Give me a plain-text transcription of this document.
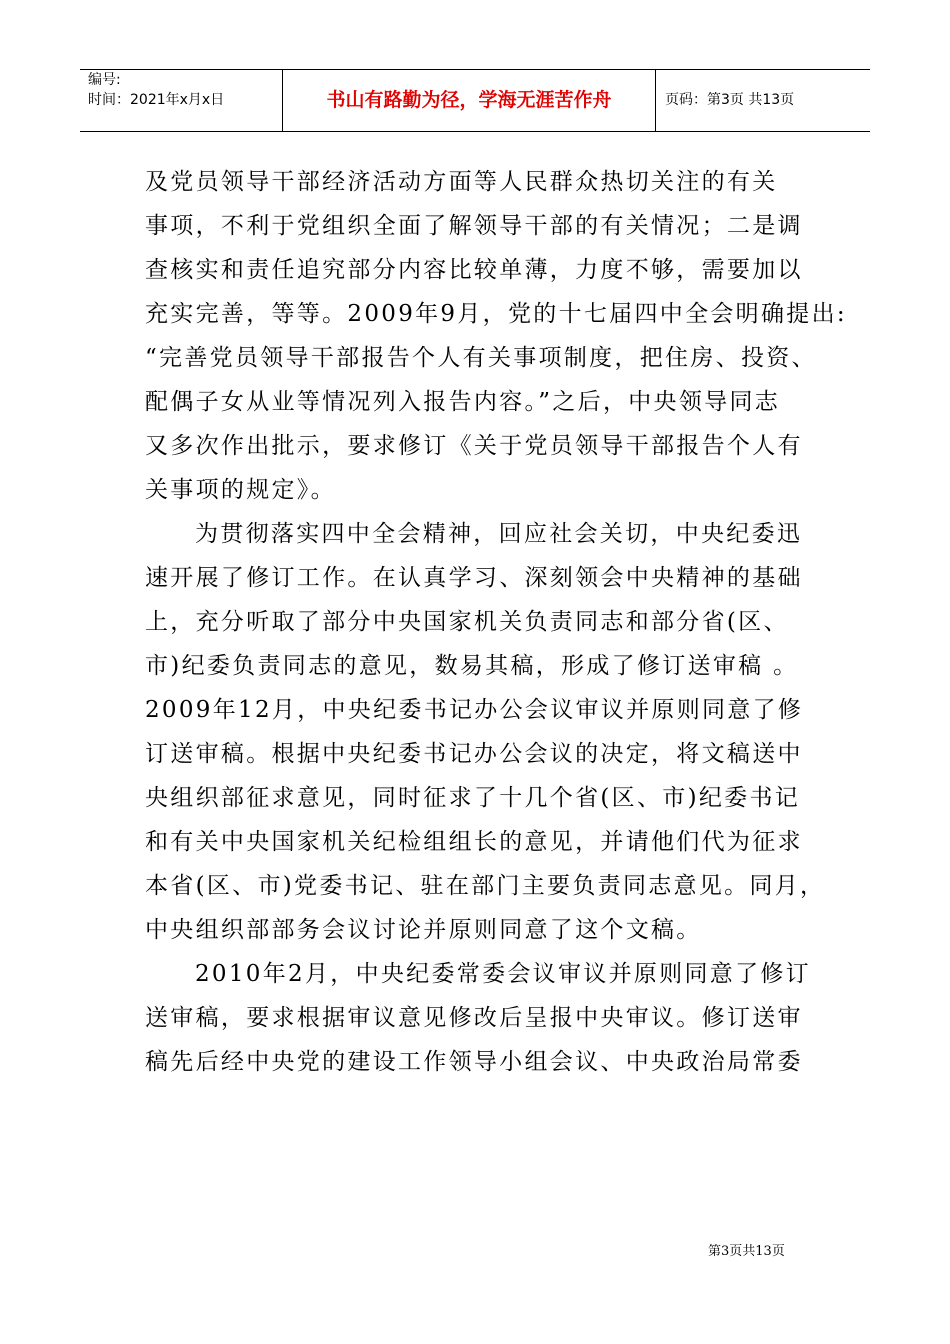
编号:
时间：2021年x月x日	书山有路勤为径，学海无涯苦作舟	页码：第3页 共13页
及党员领导干部经济活动方面等人民群众热切关注的有关
事项，不利于党组织全面了解领导干部的有关情况；二是调
查核实和责任追究部分内容比较单薄，力度不够，需要加以
充实完善，等等。2009年9月，党的十七届四中全会明确提出:
“完善党员领导干部报告个人有关事项制度，把住房、投资、
配偶子女从业等情况列入报告内容。”之后，中央领导同志
又多次作出批示，要求修订《关于党员领导干部报告个人有
关事项的规定》。
为贯彻落实四中全会精神，回应社会关切，中央纪委迅
速开展了修订工作。在认真学习、深刻领会中央精神的基础
上，充分听取了部分中央国家机关负责同志和部分省(区、
市)纪委负责同志的意见，数易其稿，形成了修订送审稿 。
2009年12月，中央纪委书记办公会议审议并原则同意了修
订送审稿。根据中央纪委书记办公会议的决定，将文稿送中
央组织部征求意见，同时征求了十几个省(区、市)纪委书记
和有关中央国家机关纪检组组长的意见，并请他们代为征求
本省(区、市)党委书记、驻在部门主要负责同志意见。同月，
中央组织部部务会议讨论并原则同意了这个文稿。
2010年2月，中央纪委常委会议审议并原则同意了修订
送审稿，要求根据审议意见修改后呈报中央审议。修订送审
稿先后经中央党的建设工作领导小组会议、中央政治局常委
第3页共13页
